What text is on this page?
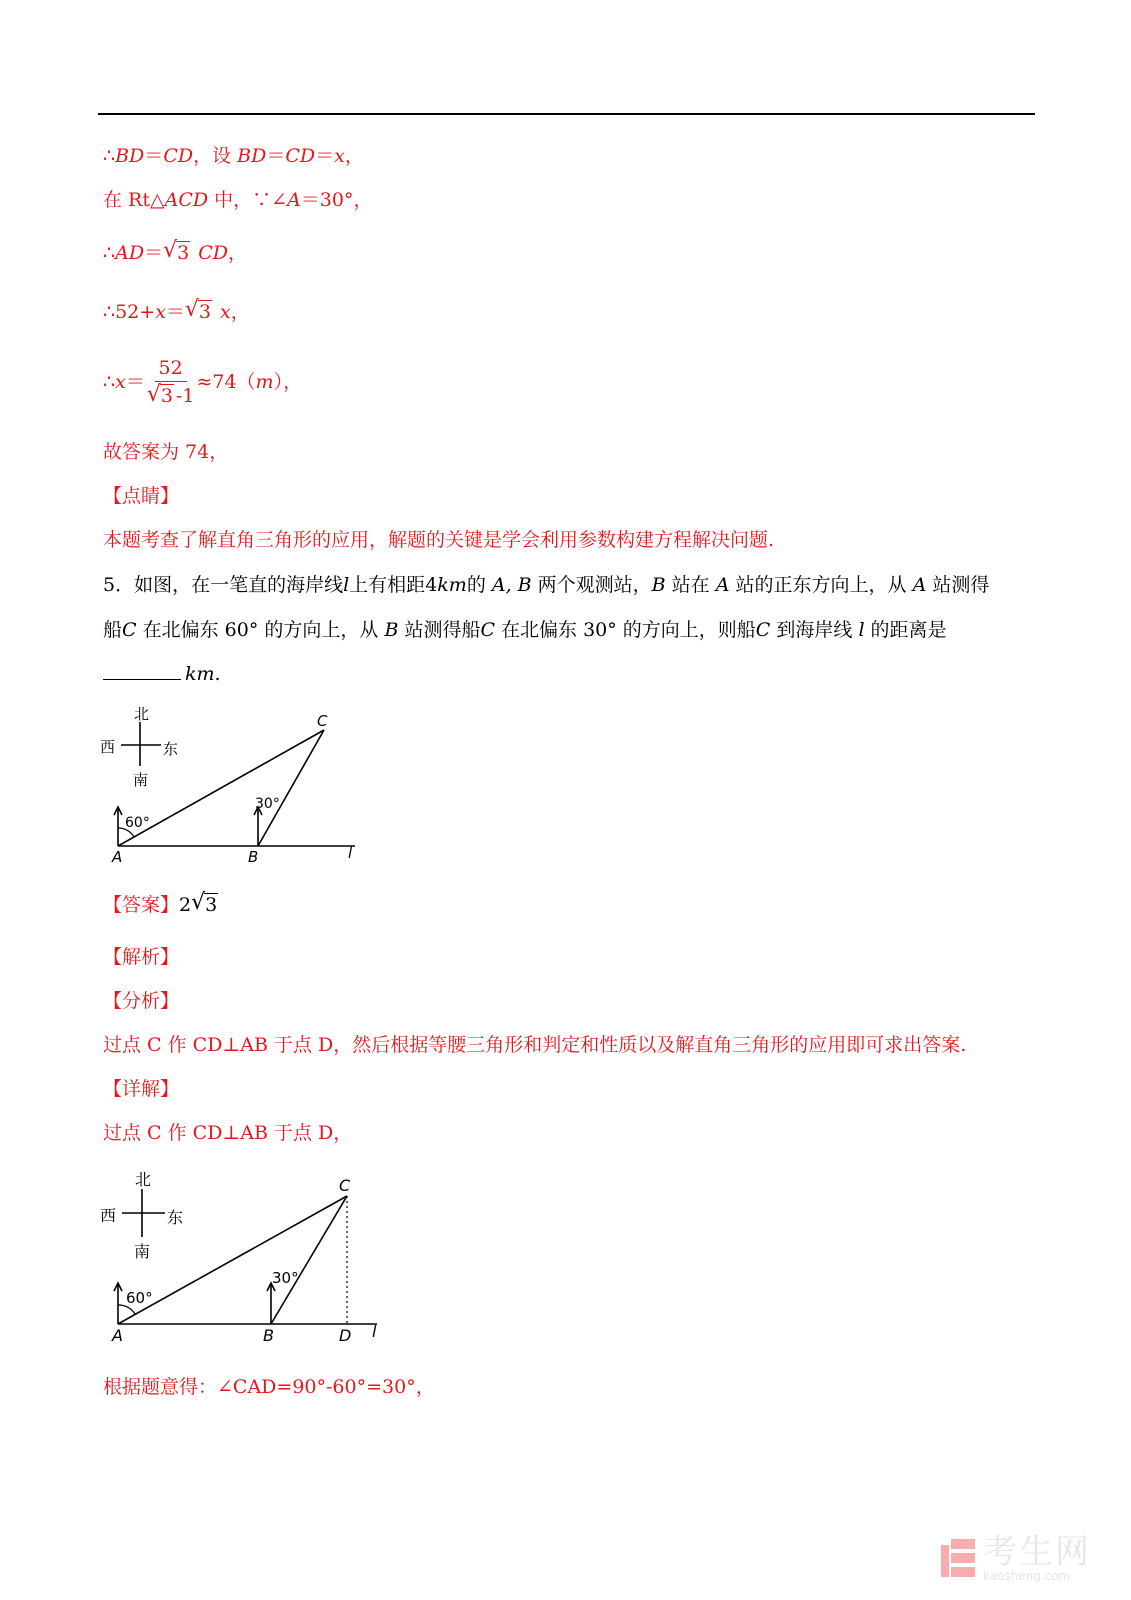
∴BD＝CD，设 BD＝CD＝x，
在 Rt△ACD 中，∵∠A＝30°，
∴AD＝ √ 3 CD，
∴52+x＝ √ 3 x，
∴ $x = \frac{52}{√ 3 -1} \approx 74$（ m ），
故答案为 74，
【点睛】
本题考查了解直角三角形的应用，解题的关键是学会利用参数构建方程解决问题.
5．如图，在一笔直的海岸线l上有相距4km的 A, B 两个观测站，B 站在 A 站的正东方向上，从 A 站测得
船C 在北偏东 60° 的方向上，从 B 站测得船C 在北偏东 30° 的方向上，则船C 到海岸线 l 的距离是
km.
北
西	东
南
60°
30°
A	B
C
l
【答案】2 √ 3
【解析】
【分析】
过点 C 作 CD⊥AB 于点 D，然后根据等腰三角形和判定和性质以及解直角三角形的应用即可求出答案.
【详解】
过点 C 作 CD⊥AB 于点 D，
北
西	东
南
60°
30°
A	B	D
C
l
根据题意得：∠CAD=90°-60°=30°，
考生网
kaosheng.com
